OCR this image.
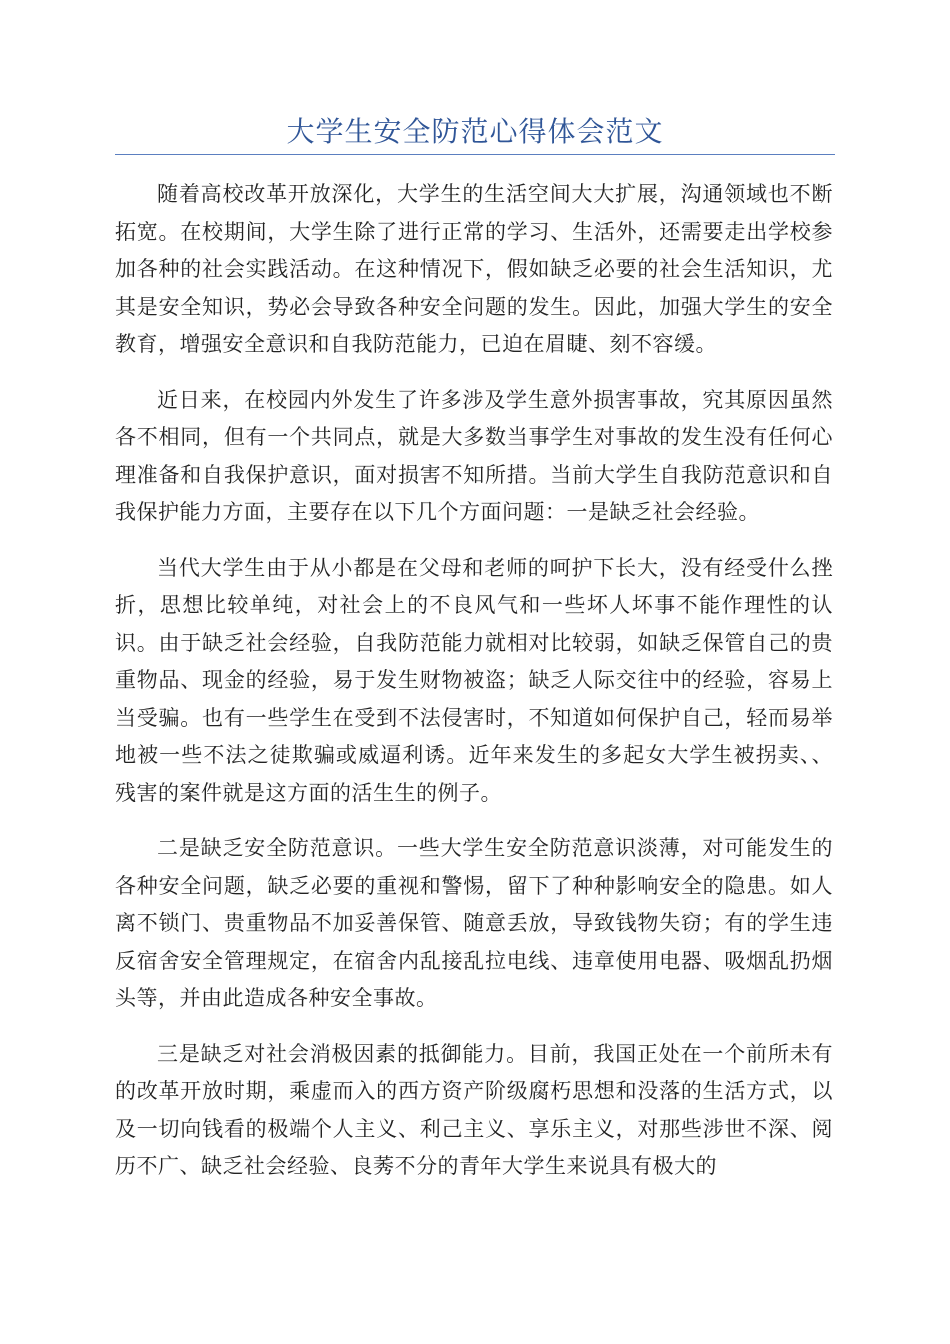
大学生安全防范心得体会范文

随着高校改革开放深化，大学生的生活空间大大扩展，沟通领域也不断拓宽。在校期间，大学生除了进行正常的学习、生活外，还需要走出学校参加各种的社会实践活动。在这种情况下，假如缺乏必要的社会生活知识，尤其是安全知识，势必会导致各种安全问题的发生。因此，加强大学生的安全教育，增强安全意识和自我防范能力，已迫在眉睫、刻不容缓。

近日来，在校园内外发生了许多涉及学生意外损害事故，究其原因虽然各不相同，但有一个共同点，就是大多数当事学生对事故的发生没有任何心理准备和自我保护意识，面对损害不知所措。当前大学生自我防范意识和自我保护能力方面，主要存在以下几个方面问题：一是缺乏社会经验。

当代大学生由于从小都是在父母和老师的呵护下长大，没有经受什么挫折，思想比较单纯，对社会上的不良风气和一些坏人坏事不能作理性的认识。由于缺乏社会经验，自我防范能力就相对比较弱，如缺乏保管自己的贵重物品、现金的经验，易于发生财物被盗；缺乏人际交往中的经验，容易上当受骗。也有一些学生在受到不法侵害时，不知道如何保护自己，轻而易举地被一些不法之徒欺骗或威逼利诱。近年来发生的多起女大学生被拐卖、、残害的案件就是这方面的活生生的例子。

二是缺乏安全防范意识。一些大学生安全防范意识淡薄，对可能发生的各种安全问题，缺乏必要的重视和警惕，留下了种种影响安全的隐患。如人离不锁门、贵重物品不加妥善保管、随意丢放，导致钱物失窃；有的学生违反宿舍安全管理规定，在宿舍内乱接乱拉电线、违章使用电器、吸烟乱扔烟头等，并由此造成各种安全事故。

三是缺乏对社会消极因素的抵御能力。目前，我国正处在一个前所未有的改革开放时期，乘虚而入的西方资产阶级腐朽思想和没落的生活方式，以及一切向钱看的极端个人主义、利己主义、享乐主义，对那些涉世不深、阅历不广、缺乏社会经验、良莠不分的青年大学生来说具有极大的
